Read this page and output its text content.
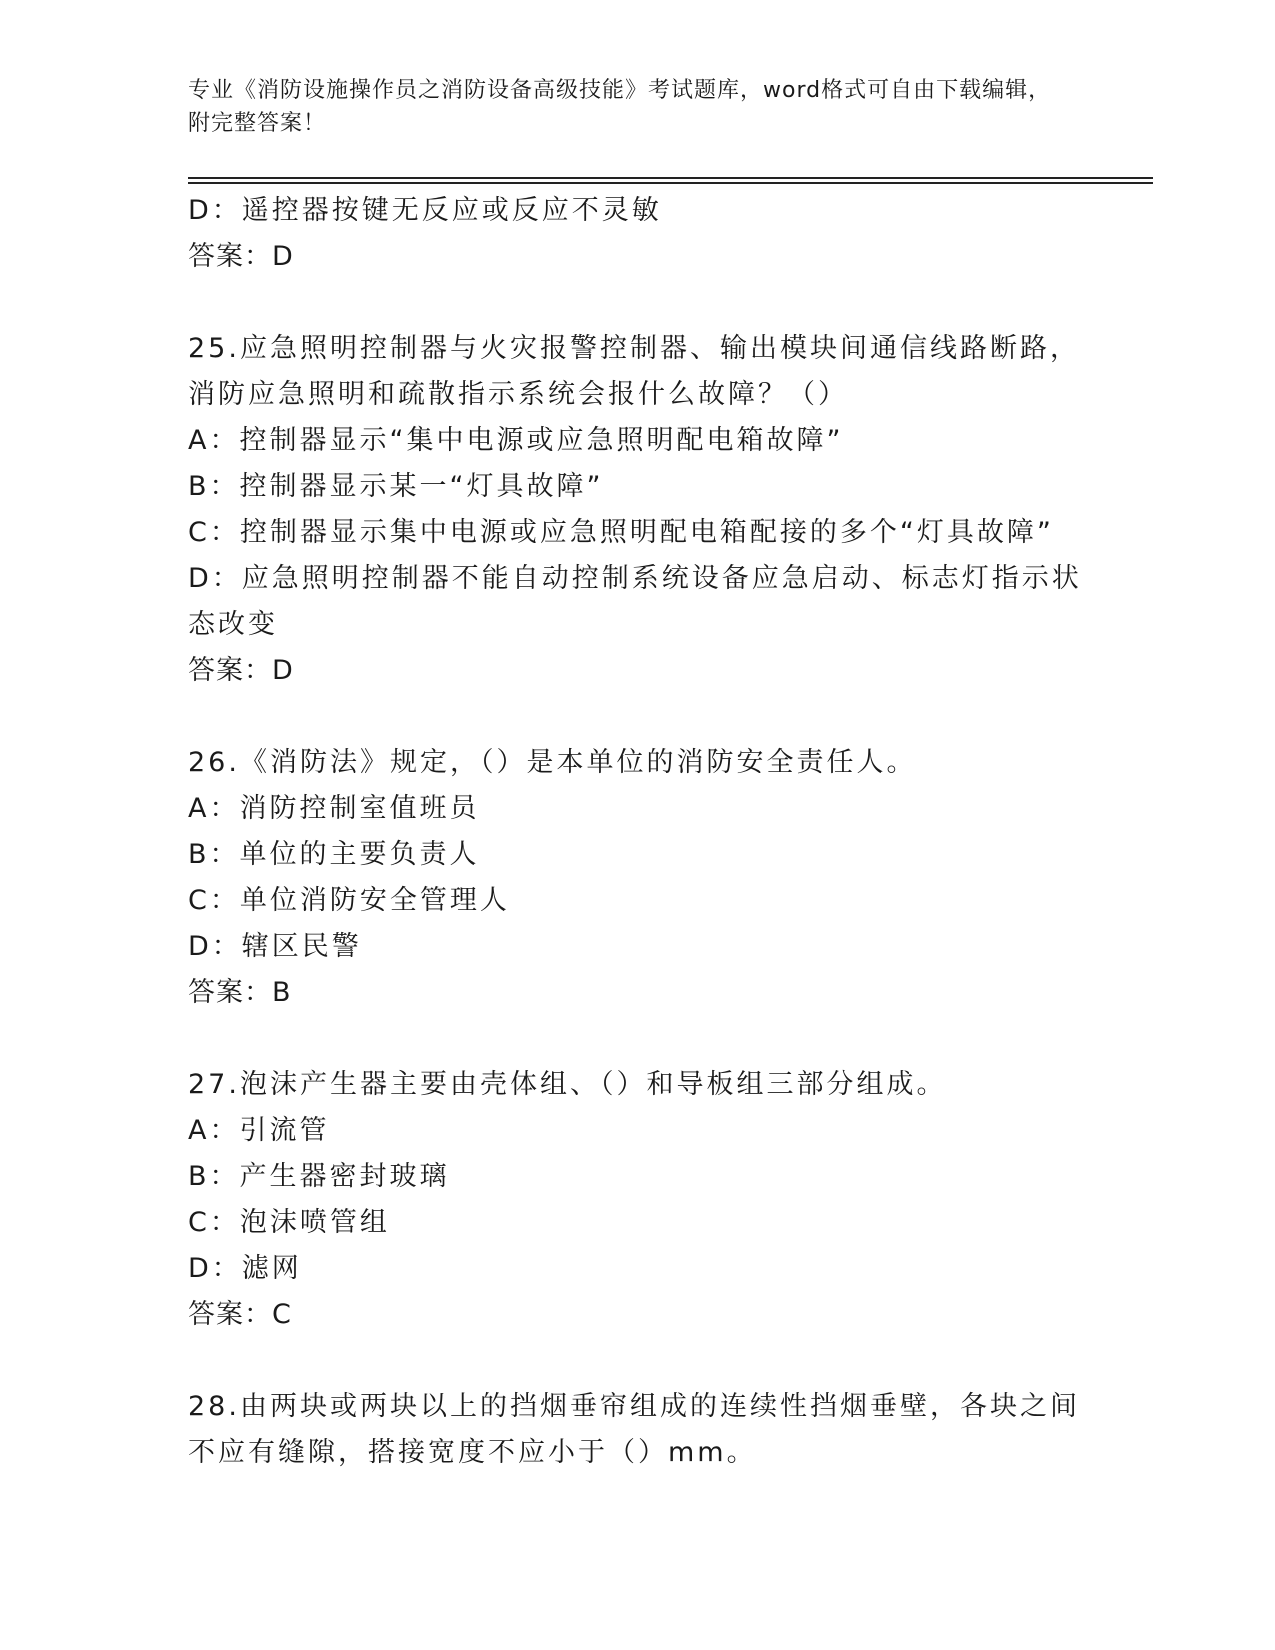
专业《消防设施操作员之消防设备高级技能》考试题库，word格式可自由下载编辑，附完整答案！

D：遥控器按键无反应或反应不灵敏

答案：D

25.应急照明控制器与火灾报警控制器、输出模块间通信线路断路，消防应急照明和疏散指示系统会报什么故障？（）

A：控制器显示“集中电源或应急照明配电箱故障”

B：控制器显示某一“灯具故障”

C：控制器显示集中电源或应急照明配电箱配接的多个“灯具故障”

D：应急照明控制器不能自动控制系统设备应急启动、标志灯指示状态改变

答案：D

26.《消防法》规定，（）是本单位的消防安全责任人。

A：消防控制室值班员

B：单位的主要负责人

C：单位消防安全管理人

D：辖区民警

答案：B

27.泡沫产生器主要由壳体组、（）和导板组三部分组成。

A：引流管

B：产生器密封玻璃

C：泡沫喷管组

D：滤网

答案：C

28.由两块或两块以上的挡烟垂帘组成的连续性挡烟垂壁，各块之间不应有缝隙，搭接宽度不应小于（）mm。
